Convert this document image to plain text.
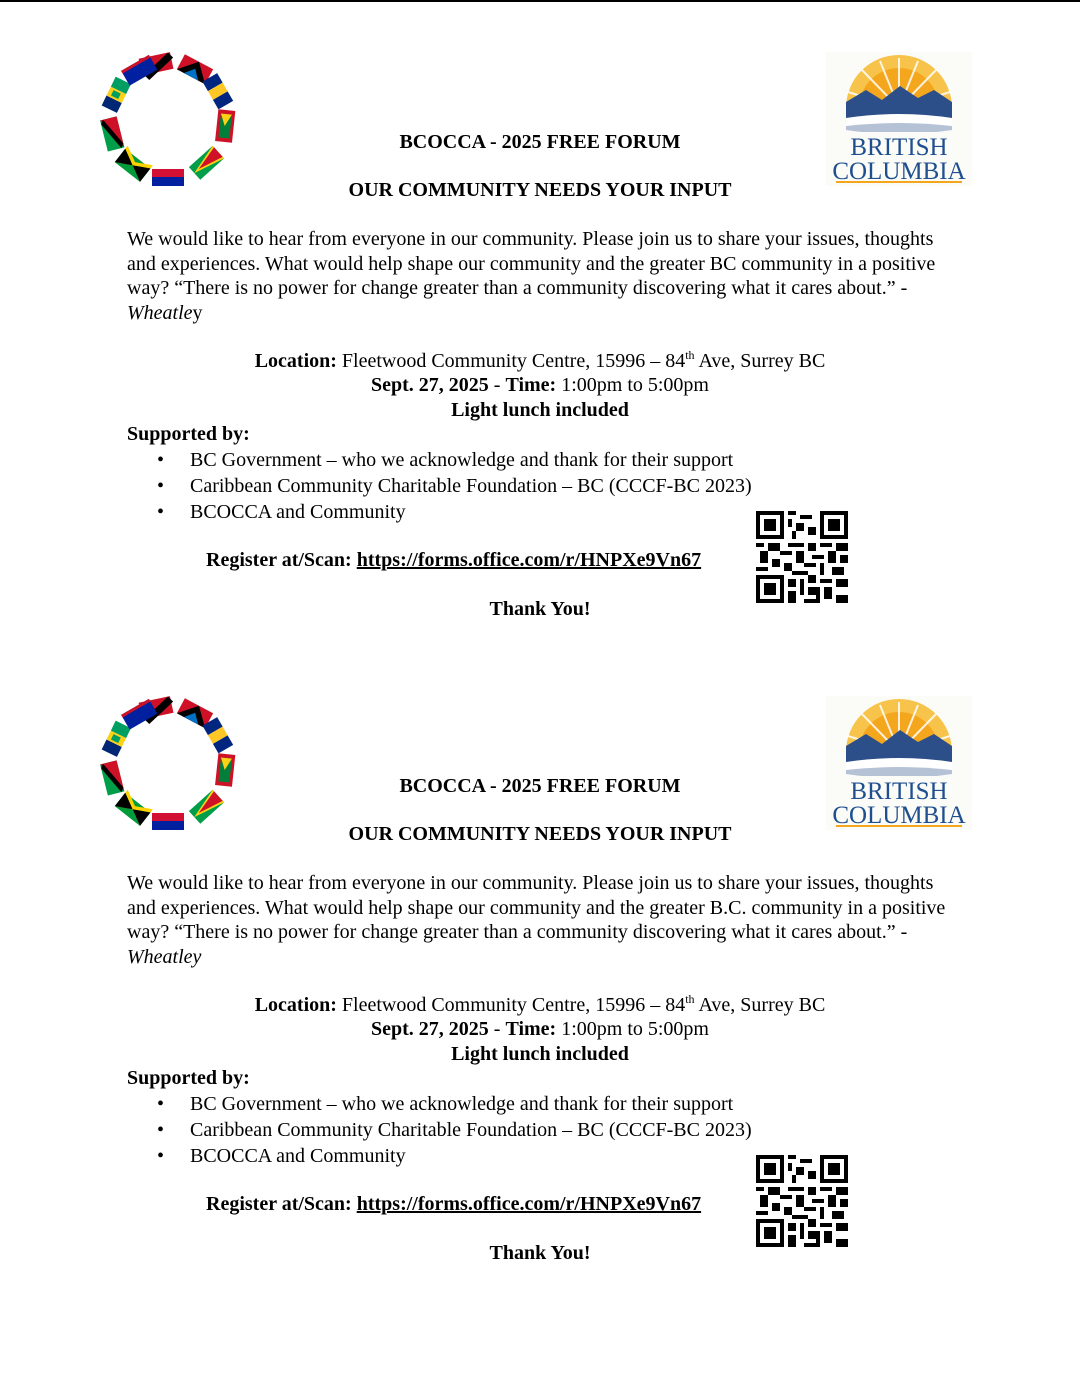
BRITISH
COLUMBIA
BCOCCA - 2025 FREE FORUM
OUR COMMUNITY NEEDS YOUR INPUT

We would like to hear from everyone in our community. Please join us to share your issues, thoughts and experiences. What would help shape our community and the greater BC community in a positive way? “There is no power for change greater than a community discovering what it cares about.” - Wheatley

Location: Fleetwood Community Centre, 15996 – 84th Ave, Surrey BC
Sept. 27, 2025 - Time: 1:00pm to 5:00pm
Light lunch included
Supported by:
• BC Government – who we acknowledge and thank for their support
• Caribbean Community Charitable Foundation – BC (CCCF-BC 2023)
• BCOCCA and Community
Register at/Scan: https://forms.office.com/r/HNPXe9Vn67
Thank You!
BRITISH
COLUMBIA
BCOCCA - 2025 FREE FORUM
OUR COMMUNITY NEEDS YOUR INPUT

We would like to hear from everyone in our community. Please join us to share your issues, thoughts and experiences. What would help shape our community and the greater B.C. community in a positive way? “There is no power for change greater than a community discovering what it cares about.” - Wheatley

Location: Fleetwood Community Centre, 15996 – 84th Ave, Surrey BC
Sept. 27, 2025 - Time: 1:00pm to 5:00pm
Light lunch included
Supported by:
• BC Government – who we acknowledge and thank for their support
• Caribbean Community Charitable Foundation – BC (CCCF-BC 2023)
• BCOCCA and Community
Register at/Scan: https://forms.office.com/r/HNPXe9Vn67
Thank You!
